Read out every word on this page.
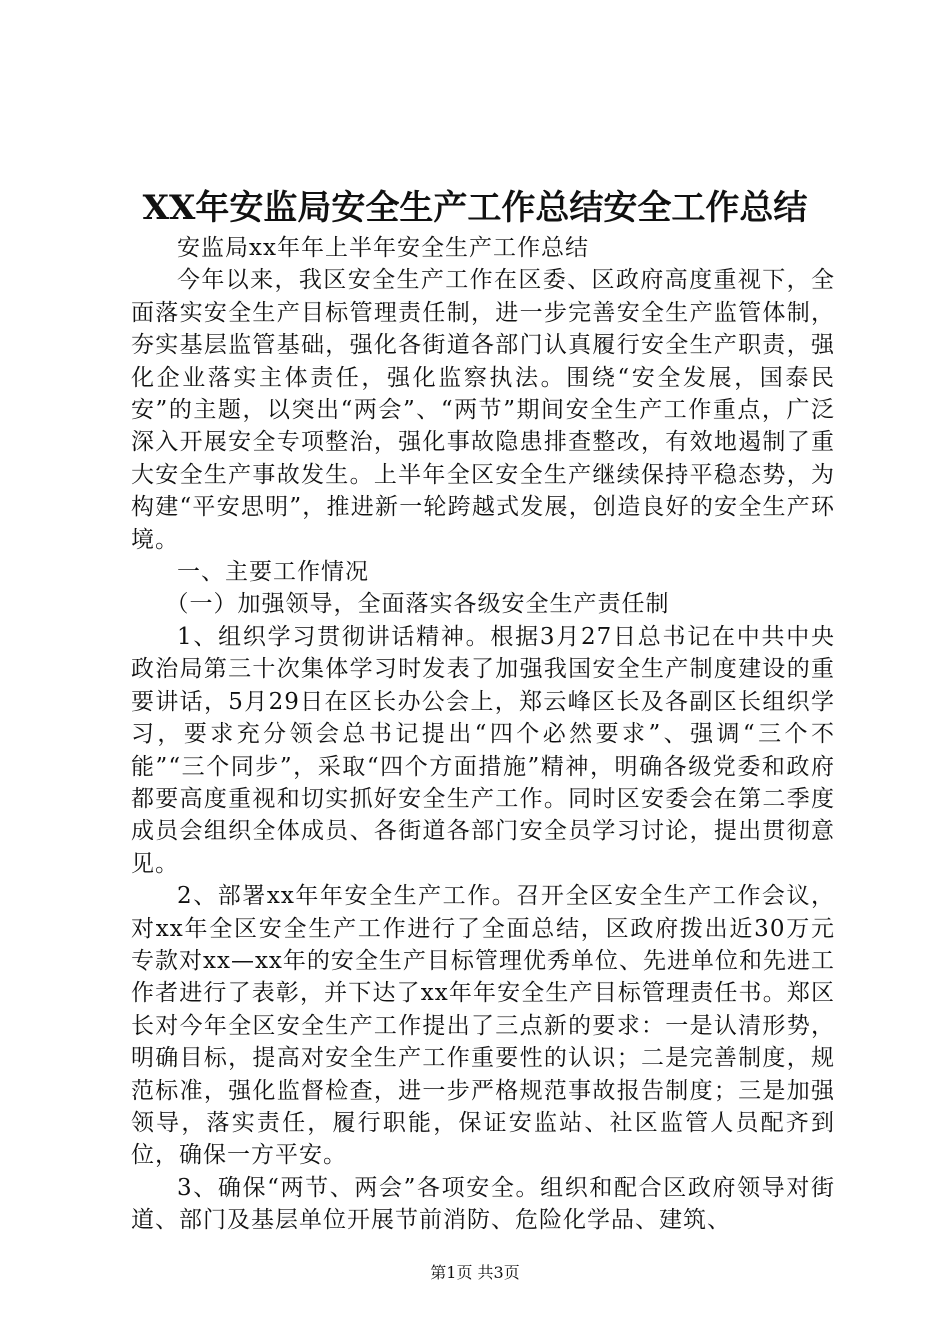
XX年安监局安全生产工作总结安全工作总结

安监局xx年年上半年安全生产工作总结

今年以来，我区安全生产工作在区委、区政府高度重视下，全面落实安全生产目标管理责任制，进一步完善安全生产监管体制，夯实基层监管基础，强化各街道各部门认真履行安全生产职责，强化企业落实主体责任，强化监察执法。围绕“安全发展，国泰民安”的主题，以突出“两会”、“两节”期间安全生产工作重点，广泛深入开展安全专项整治，强化事故隐患排查整改，有效地遏制了重大安全生产事故发生。上半年全区安全生产继续保持平稳态势，为构建“平安思明”，推进新一轮跨越式发展，创造良好的安全生产环境。

一、主要工作情况

（一）加强领导，全面落实各级安全生产责任制

1、组织学习贯彻讲话精神。根据3月27日总书记在中共中央政治局第三十次集体学习时发表了加强我国安全生产制度建设的重要讲话，5月29日在区长办公会上，郑云峰区长及各副区长组织学习，要求充分领会总书记提出“四个必然要求”、强调“三个不能”“三个同步”，采取“四个方面措施”精神，明确各级党委和政府都要高度重视和切实抓好安全生产工作。同时区安委会在第二季度成员会组织全体成员、各街道各部门安全员学习讨论，提出贯彻意见。

2、部署xx年年安全生产工作。召开全区安全生产工作会议，对xx年全区安全生产工作进行了全面总结，区政府拨出近30万元专款对xx—xx年的安全生产目标管理优秀单位、先进单位和先进工作者进行了表彰，并下达了xx年年安全生产目标管理责任书。郑区长对今年全区安全生产工作提出了三点新的要求：一是认清形势，明确目标，提高对安全生产工作重要性的认识；二是完善制度，规范标准，强化监督检查，进一步严格规范事故报告制度；三是加强领导，落实责任，履行职能，保证安监站、社区监管人员配齐到位，确保一方平安。

3、确保“两节、两会”各项安全。组织和配合区政府领导对街道、部门及基层单位开展节前消防、危险化学品、建筑、

第1页 共3页
